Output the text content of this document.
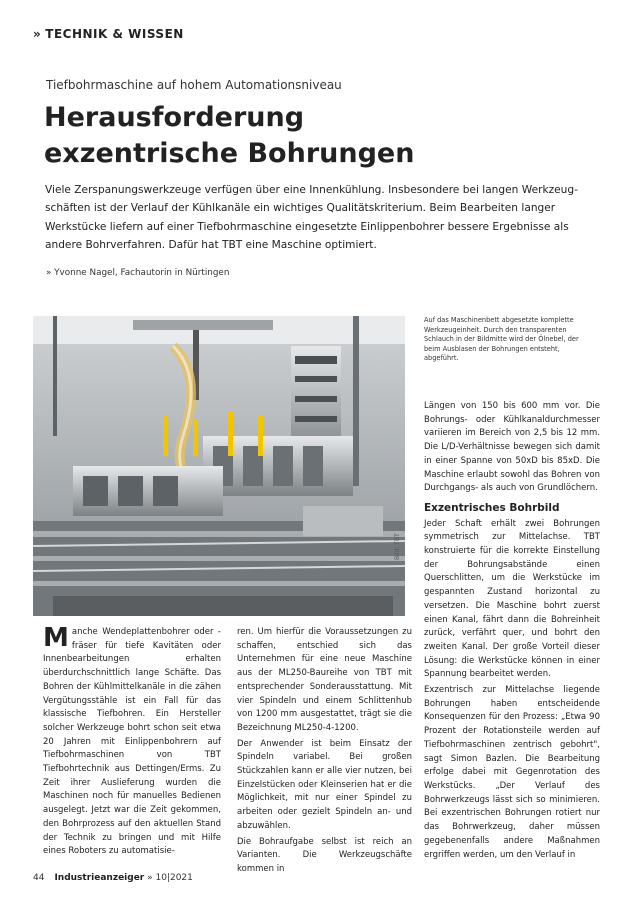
» TECHNIK & WISSEN
Tiefbohrmaschine auf hohem Automationsniveau
Herausforderung
exzentrische Bohrungen
Viele Zerspanungswerkzeuge verfügen über eine Innenkühlung. Insbesondere bei langen Werkzeugschäften ist der Verlauf der Kühlkanäle ein wichtiges Qualitätskriterium. Beim Bearbeiten langer Werkstücke liefern auf einer Tiefbohrmaschine eingesetzte Einlippenbohrer bessere Ergebnisse als andere Bohrverfahren. Dafür hat TBT eine Maschine optimiert.
» Yvonne Nagel, Fachautorin in Nürtingen
Bild: TBT
Auf das Maschinenbett abgesetzte komplette Werkzeugeinheit. Durch den transparenten Schlauch in der Bildmitte wird der Ölnebel, der beim Ausblasen der Bohrungen entsteht, abgeführt.

Manche Wendeplattenbohrer oder -fräser für tiefe Kavitäten oder Innenbearbeitungen erhalten überdurchschnittlich lange Schäfte. Das Bohren der Kühlmittelkanäle in die zähen Vergütungsstähle ist ein Fall für das klassische Tiefbohren. Ein Hersteller solcher Werkzeuge bohrt schon seit etwa 20 Jahren mit Einlippenbohrern auf Tiefbohrmaschinen von TBT Tiefbohrtechnik aus Dettingen/Erms. Zu Zeit ihrer Auslieferung wurden die Maschinen noch für manuelles Bedienen ausgelegt. Jetzt war die Zeit gekommen, den Bohrprozess auf den aktuellen Stand der Technik zu bringen und mit Hilfe eines Roboters zu automatisie-

ren. Um hierfür die Voraussetzungen zu schaffen, entschied sich das Unternehmen für eine neue Maschine aus der ML250-Baureihe von TBT mit entsprechender Sonderausstattung. Mit vier Spindeln und einem Schlittenhub von 1200 mm ausgestattet, trägt sie die Bezeichnung ML250-4-1200.

Der Anwender ist beim Einsatz der Spindeln variabel. Bei großen Stückzahlen kann er alle vier nutzen, bei Einzelstücken oder Kleinserien hat er die Möglichkeit, mit nur einer Spindel zu arbeiten oder gezielt Spindeln an- und abzuwählen.

Die Bohraufgabe selbst ist reich an Varianten. Die Werkzeugschäfte kommen in

Längen von 150 bis 600 mm vor. Die Bohrungs- oder Kühlkanaldurchmesser variieren im Bereich von 2,5 bis 12 mm. Die L/D-Verhältnisse bewegen sich damit in einer Spanne von 50xD bis 85xD. Die Maschine erlaubt sowohl das Bohren von Durchgangs- als auch von Grundlöchern.

Exzentrisches Bohrbild

Jeder Schaft erhält zwei Bohrungen symmetrisch zur Mittelachse. TBT konstruierte für die korrekte Einstellung der Bohrungsabstände einen Querschlitten, um die Werkstücke im gespannten Zustand horizontal zu versetzen. Die Maschine bohrt zuerst einen Kanal, fährt dann die Bohreinheit zurück, verfährt quer, und bohrt den zweiten Kanal. Der große Vorteil dieser Lösung: die Werkstücke können in einer Spannung bearbeitet werden.

Exzentrisch zur Mittelachse liegende Bohrungen haben entscheidende Konsequenzen für den Prozess: „Etwa 90 Prozent der Rotationsteile werden auf Tiefbohrmaschinen zentrisch gebohrt", sagt Simon Bazlen. Die Bearbeitung erfolge dabei mit Gegenrotation des Werkstücks. „Der Verlauf des Bohrwerkzeugs lässt sich so minimieren. Bei exzentrischen Bohrungen rotiert nur das Bohrwerkzeug, daher müssen gegebenenfalls andere Maßnahmen ergriffen werden, um den Verlauf in

44 Industrieanzeiger » 10|2021
